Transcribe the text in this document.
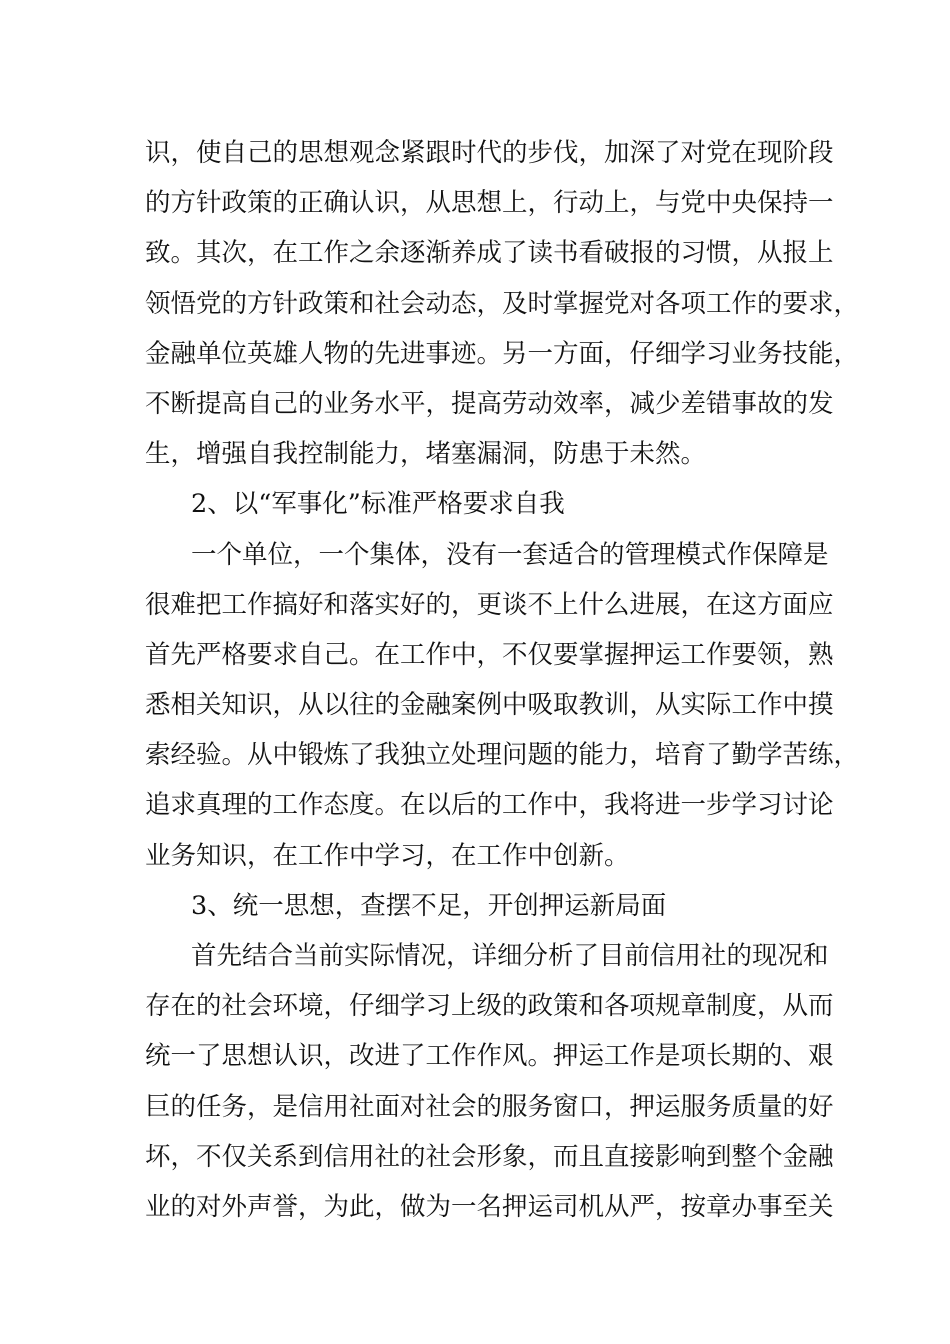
识，使自己的思想观念紧跟时代的步伐，加深了对党在现阶段
的方针政策的正确认识，从思想上，行动上，与党中央保持一
致。其次，在工作之余逐渐养成了读书看破报的习惯，从报上
领悟党的方针政策和社会动态，及时掌握党对各项工作的要求，
金融单位英雄人物的先进事迹。另一方面，仔细学习业务技能，
不断提高自己的业务水平，提高劳动效率，减少差错事故的发
生，增强自我控制能力，堵塞漏洞，防患于未然。
2、以“军事化”标准严格要求自我
一个单位，一个集体，没有一套适合的管理模式作保障是
很难把工作搞好和落实好的，更谈不上什么进展，在这方面应
首先严格要求自己。在工作中，不仅要掌握押运工作要领，熟
悉相关知识，从以往的金融案例中吸取教训，从实际工作中摸
索经验。从中锻炼了我独立处理问题的能力，培育了勤学苦练，
追求真理的工作态度。在以后的工作中，我将进一步学习讨论
业务知识，在工作中学习，在工作中创新。
3、统一思想，查摆不足，开创押运新局面
首先结合当前实际情况，详细分析了目前信用社的现况和
存在的社会环境，仔细学习上级的政策和各项规章制度，从而
统一了思想认识，改进了工作作风。押运工作是项长期的、艰
巨的任务，是信用社面对社会的服务窗口，押运服务质量的好
坏，不仅关系到信用社的社会形象，而且直接影响到整个金融
业的对外声誉，为此，做为一名押运司机从严，按章办事至关
